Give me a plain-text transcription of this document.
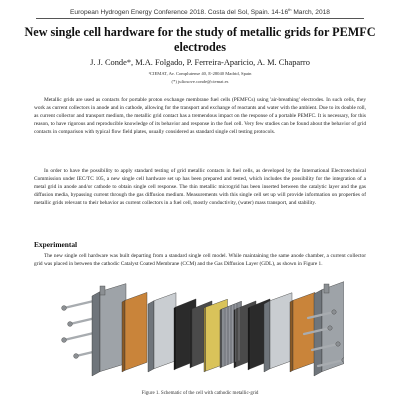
European Hydrogen Energy Conference 2018. Costa del Sol, Spain. 14-16th March, 2018
New single cell hardware for the study of metallic grids for PEMFC electrodes
J. J. Conde*, M.A. Folgado, P. Ferreira-Aparicio, A. M. Chaparro
¹CIEMAT, Av. Complutense 40, E-28040 Madrid, Spain
(*) juliosove.conde@ciemat.es

Metallic grids are used as contacts for portable proton exchange membrane fuel cells (PEMFCs) using 'air-breathing' electrodes. In such cells, they work as current collectors in anode and in cathode, allowing for the transport and exchange of reactants and water with the ambient. Due to its double roll, as current collector and transport medium, the metallic grid contact has a tremendous impact on the response of a portable PEMFC. It is necessary, for this reason, to have rigorous and reproducible knowledge of its behavior and response in the fuel cell. Very few studies can be found about the behavior of grid contacts in comparison with typical flow field plates, usually considered as standard single cell testing protocols.

In order to have the possibility to apply standard testing of grid metallic contacts in fuel cells, as developed by the International Electrotechnical Commission under IEC/TC 105, a new single cell hardware set up has been prepared and tested, which includes the possibility for the integration of a metal grid in anode and/or cathode to obtain single cell response. The thin metallic microgrid has been inserted between the catalytic layer and the gas diffusion media, bypassing current through the gas diffusion medium. Measurements with this single cell set up will provide information on properties of metallic grids relevant to their behavior as current collectors in a fuel cell, mostly conductivity, (water) mass transport, and stability.

Experimental

The new single cell hardware was built departing from a standard single cell model. While maintaining the same anode chamber, a current collector grid was placed in between the cathodic Catalyst Coated Membrane (CCM) and the Gas Diffusion Layer (GDL), as shown in Figure 1.

Figure 1. Schematic of the cell with cathodic metallic-grid
